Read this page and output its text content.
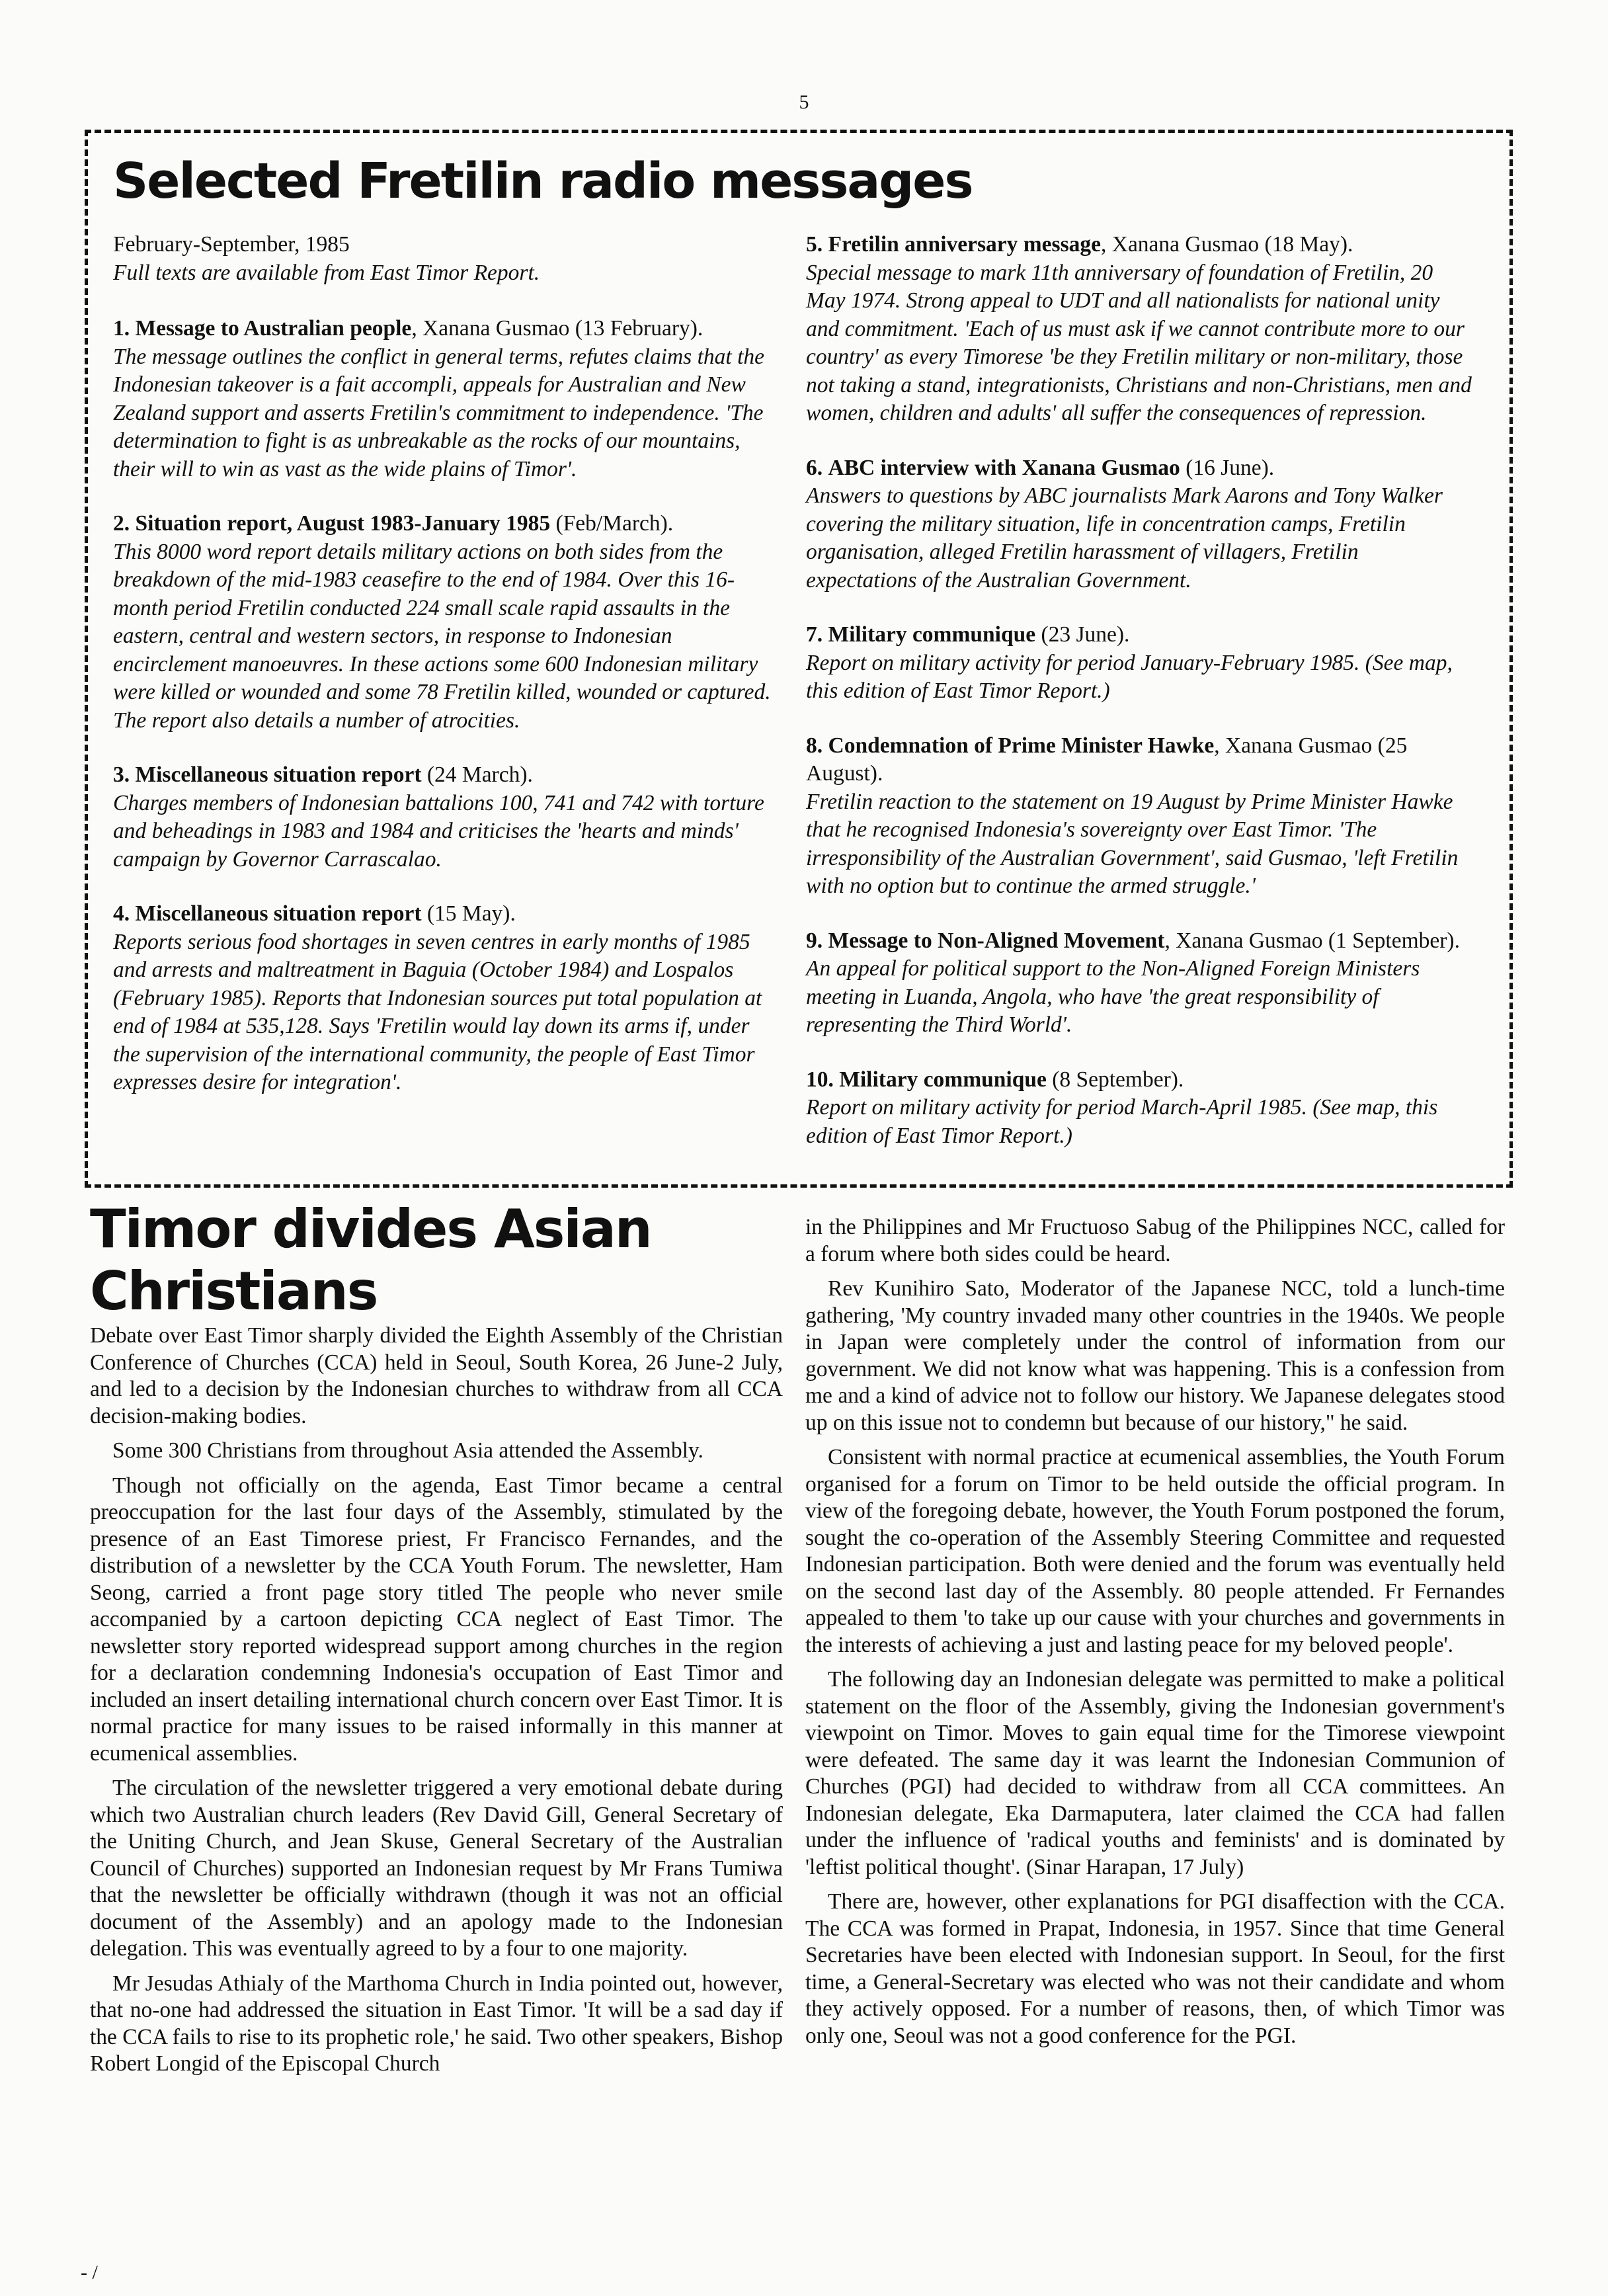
5
Selected Fretilin radio messages

February-September, 1985

Full texts are available from East Timor Report.

1. Message to Australian people, Xanana Gusmao (13 February).

The message outlines the conflict in general terms, refutes claims that the Indonesian takeover is a fait accompli, appeals for Australian and New Zealand support and asserts Fretilin's commitment to independence. 'The determination to fight is as unbreakable as the rocks of our mountains, their will to win as vast as the wide plains of Timor'.

2. Situation report, August 1983-January 1985 (Feb/March).

This 8000 word report details military actions on both sides from the breakdown of the mid-1983 ceasefire to the end of 1984. Over this 16-month period Fretilin conducted 224 small scale rapid assaults in the eastern, central and western sectors, in response to Indonesian encirclement manoeuvres. In these actions some 600 Indonesian military were killed or wounded and some 78 Fretilin killed, wounded or captured. The report also details a number of atrocities.

3. Miscellaneous situation report (24 March).

Charges members of Indonesian battalions 100, 741 and 742 with torture and beheadings in 1983 and 1984 and criticises the 'hearts and minds' campaign by Governor Carrascalao.

4. Miscellaneous situation report (15 May).

Reports serious food shortages in seven centres in early months of 1985 and arrests and maltreatment in Baguia (October 1984) and Lospalos (February 1985). Reports that Indonesian sources put total population at end of 1984 at 535,128. Says 'Fretilin would lay down its arms if, under the supervision of the international community, the people of East Timor expresses desire for integration'.

5. Fretilin anniversary message, Xanana Gusmao (18 May).

Special message to mark 11th anniversary of foundation of Fretilin, 20 May 1974. Strong appeal to UDT and all nationalists for national unity and commitment. 'Each of us must ask if we cannot contribute more to our country' as every Timorese 'be they Fretilin military or non-military, those not taking a stand, integrationists, Christians and non-Christians, men and women, children and adults' all suffer the consequences of repression.

6. ABC interview with Xanana Gusmao (16 June).

Answers to questions by ABC journalists Mark Aarons and Tony Walker covering the military situation, life in concentration camps, Fretilin organisation, alleged Fretilin harassment of villagers, Fretilin expectations of the Australian Government.

7. Military communique (23 June).

Report on military activity for period January-February 1985. (See map, this edition of East Timor Report.)

8. Condemnation of Prime Minister Hawke, Xanana Gusmao (25 August).

Fretilin reaction to the statement on 19 August by Prime Minister Hawke that he recognised Indonesia's sovereignty over East Timor. 'The irresponsibility of the Australian Government', said Gusmao, 'left Fretilin with no option but to continue the armed struggle.'

9. Message to Non-Aligned Movement, Xanana Gusmao (1 September).

An appeal for political support to the Non-Aligned Foreign Ministers meeting in Luanda, Angola, who have 'the great responsibility of representing the Third World'.

10. Military communique (8 September).

Report on military activity for period March-April 1985. (See map, this edition of East Timor Report.)

Timor divides Asian Christians

Debate over East Timor sharply divided the Eighth Assembly of the Christian Conference of Churches (CCA) held in Seoul, South Korea, 26 June-2 July, and led to a decision by the Indonesian churches to withdraw from all CCA decision-making bodies.

Some 300 Christians from throughout Asia attended the Assembly.

Though not officially on the agenda, East Timor became a central preoccupation for the last four days of the Assembly, stimulated by the presence of an East Timorese priest, Fr Francisco Fernandes, and the distribution of a newsletter by the CCA Youth Forum. The newsletter, Ham Seong, carried a front page story titled The people who never smile accompanied by a cartoon depicting CCA neglect of East Timor. The newsletter story reported widespread support among churches in the region for a declaration condemning Indonesia's occupation of East Timor and included an insert detailing international church concern over East Timor. It is normal practice for many issues to be raised informally in this manner at ecumenical assemblies.

The circulation of the newsletter triggered a very emotional debate during which two Australian church leaders (Rev David Gill, General Secretary of the Uniting Church, and Jean Skuse, General Secretary of the Australian Council of Churches) supported an Indonesian request by Mr Frans Tumiwa that the newsletter be officially withdrawn (though it was not an official document of the Assembly) and an apology made to the Indonesian delegation. This was eventually agreed to by a four to one majority.

Mr Jesudas Athialy of the Marthoma Church in India pointed out, however, that no-one had addressed the situation in East Timor. 'It will be a sad day if the CCA fails to rise to its prophetic role,' he said. Two other speakers, Bishop Robert Longid of the Episcopal Church

in the Philippines and Mr Fructuoso Sabug of the Philippines NCC, called for a forum where both sides could be heard.

Rev Kunihiro Sato, Moderator of the Japanese NCC, told a lunch-time gathering, 'My country invaded many other countries in the 1940s. We people in Japan were completely under the control of information from our government. We did not know what was happening. This is a confession from me and a kind of advice not to follow our history. We Japanese delegates stood up on this issue not to condemn but because of our history," he said.

Consistent with normal practice at ecumenical assemblies, the Youth Forum organised for a forum on Timor to be held outside the official program. In view of the foregoing debate, however, the Youth Forum postponed the forum, sought the co-operation of the Assembly Steering Committee and requested Indonesian participation. Both were denied and the forum was eventually held on the second last day of the Assembly. 80 people attended. Fr Fernandes appealed to them 'to take up our cause with your churches and governments in the interests of achieving a just and lasting peace for my beloved people'.

The following day an Indonesian delegate was permitted to make a political statement on the floor of the Assembly, giving the Indonesian government's viewpoint on Timor. Moves to gain equal time for the Timorese viewpoint were defeated. The same day it was learnt the Indonesian Communion of Churches (PGI) had decided to withdraw from all CCA committees. An Indonesian delegate, Eka Darmaputera, later claimed the CCA had fallen under the influence of 'radical youths and feminists' and is dominated by 'leftist political thought'. (Sinar Harapan, 17 July)

There are, however, other explanations for PGI disaffection with the CCA. The CCA was formed in Prapat, Indonesia, in 1957. Since that time General Secretaries have been elected with Indonesian support. In Seoul, for the first time, a General-Secretary was elected who was not their candidate and whom they actively opposed. For a number of reasons, then, of which Timor was only one, Seoul was not a good conference for the PGI.

- /
